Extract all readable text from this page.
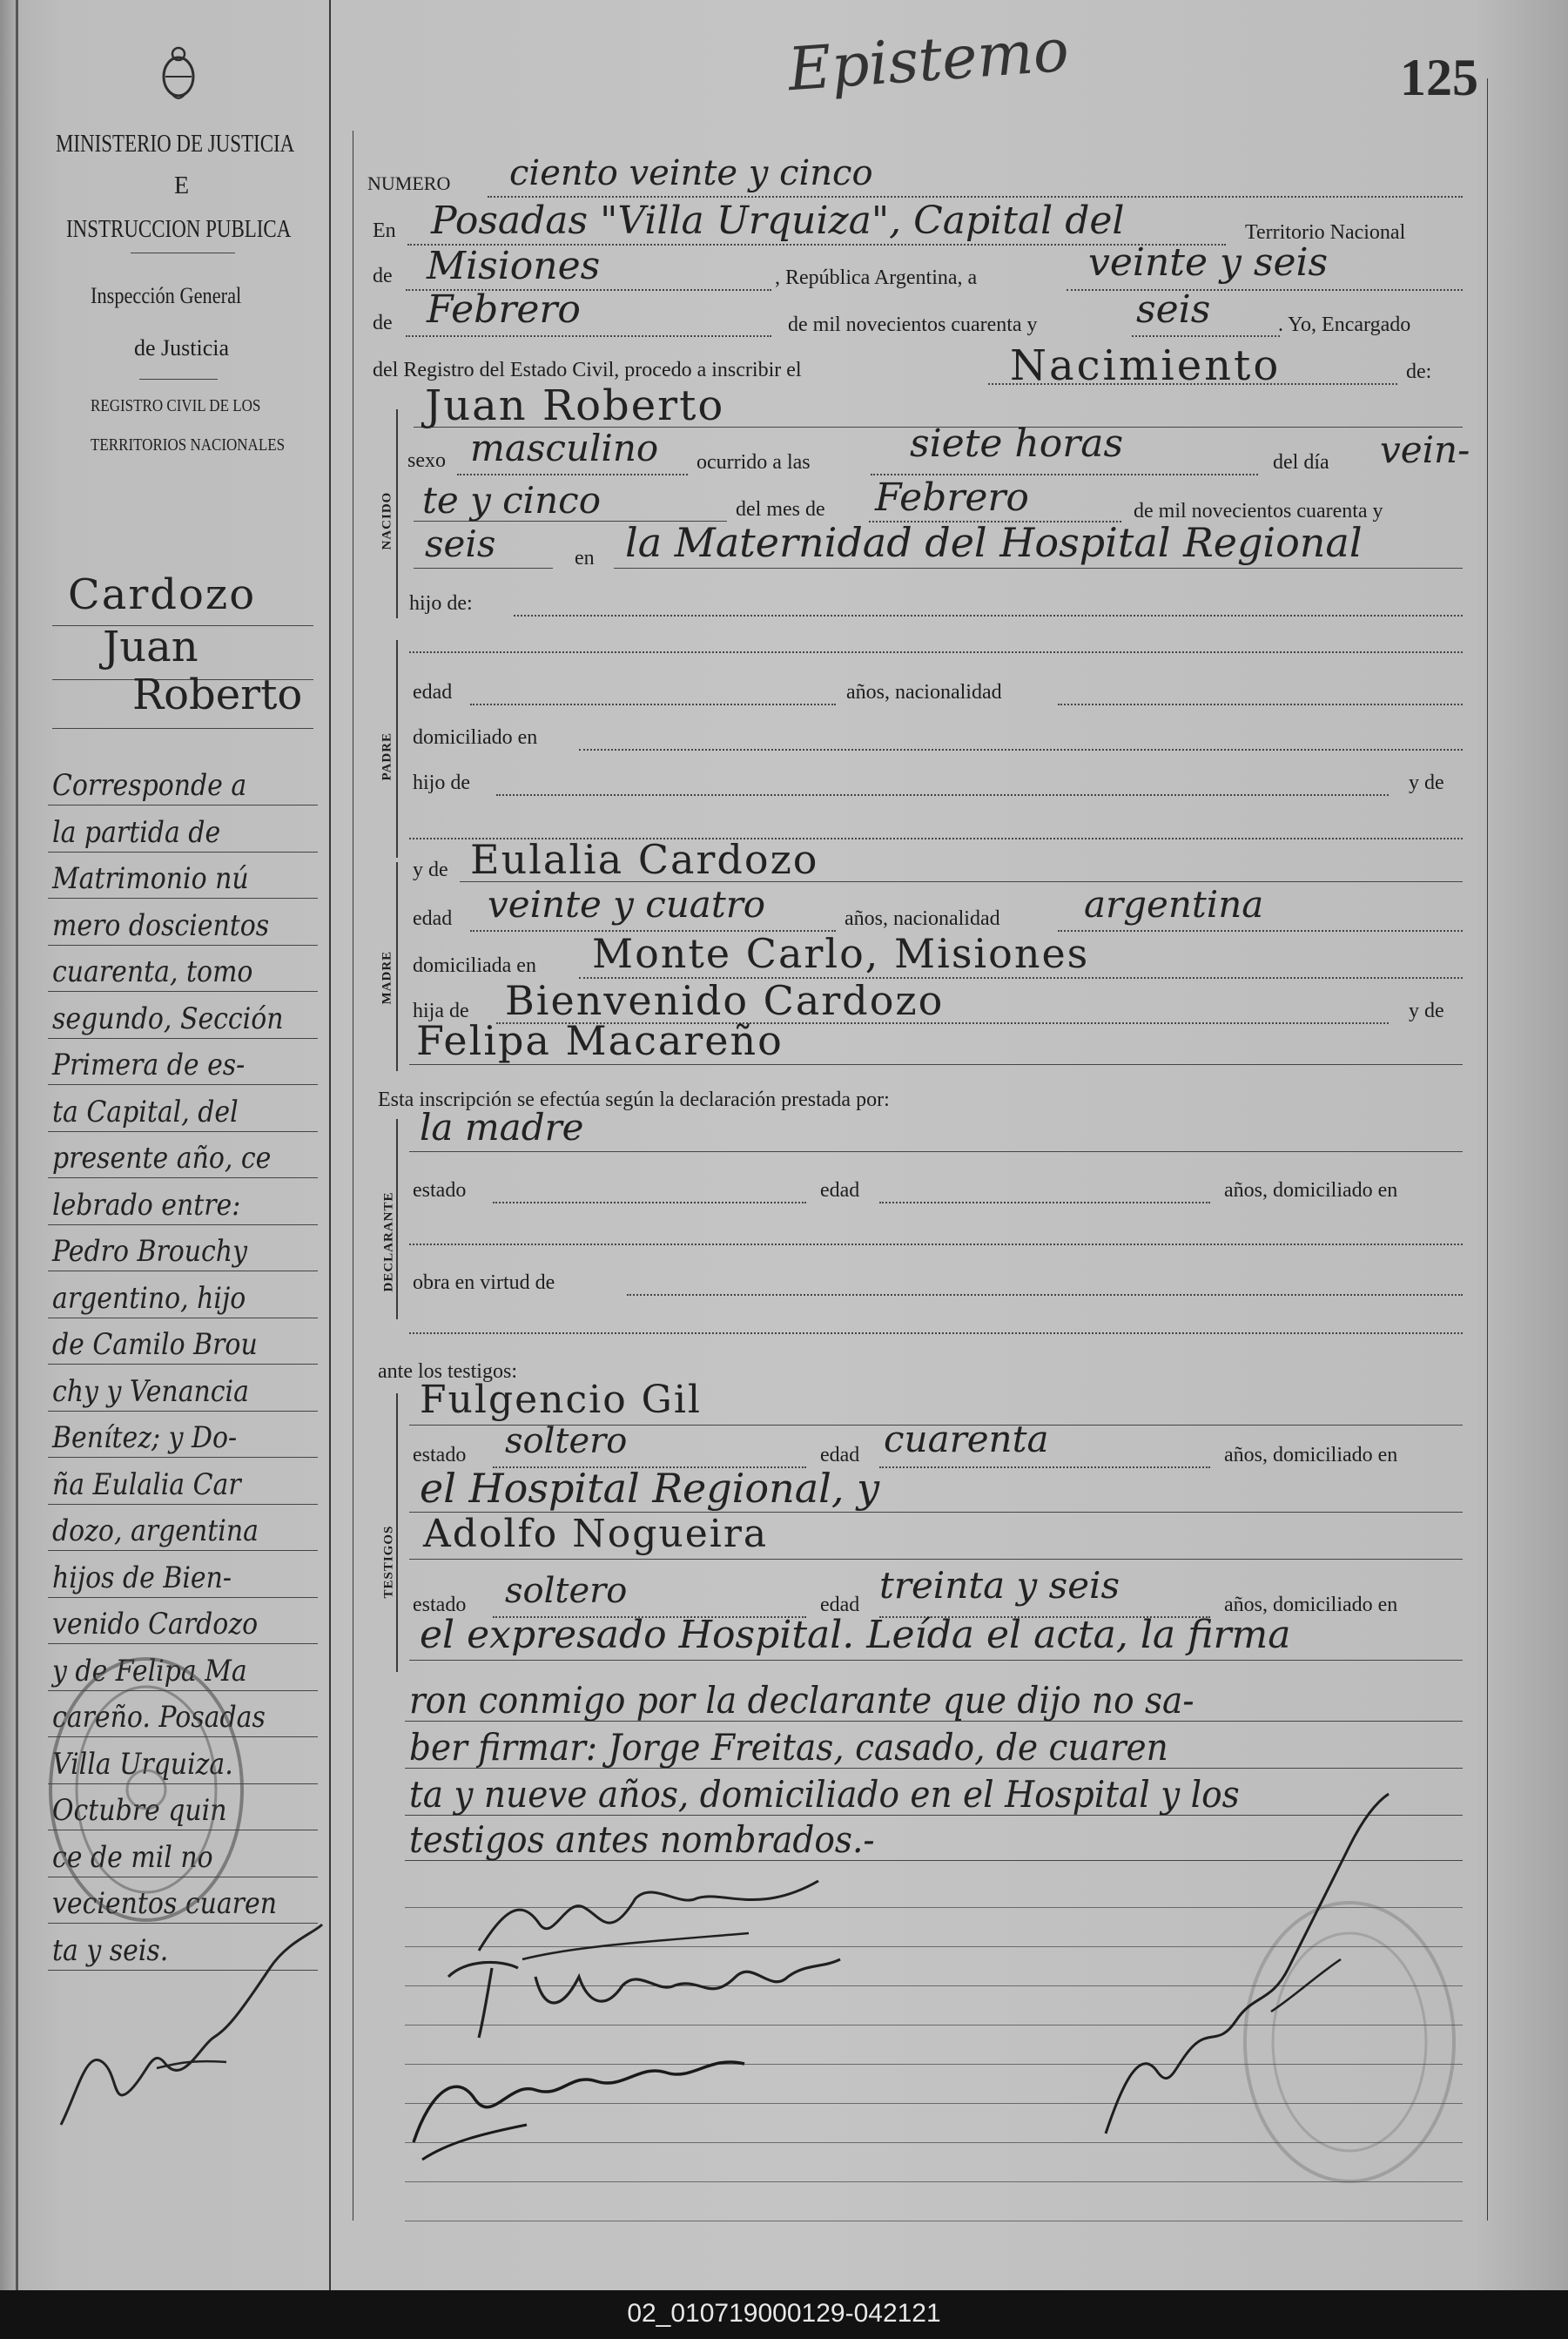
Epistemo	125
MINISTERIO DE JUSTICIA
E
INSTRUCCION PUBLICA
Inspección General
de Justicia
REGISTRO CIVIL DE LOS
TERRITORIOS NACIONALES
Cardozo
Juan
Roberto
Corresponde a
la partida de
Matrimonio nú
mero doscientos
cuarenta, tomo
segundo, Sección
Primera de es-
ta Capital, del
presente año, ce
lebrado entre:
Pedro Brouchy
argentino, hijo
de Camilo Brou
chy y Venancia
Benítez; y Do-
ña Eulalia Car
dozo, argentina
hijos de Bien-
venido Cardozo
y de Felipa Ma
careño. Posadas
Villa Urquiza.
Octubre quin
ce de mil no
vecientos cuaren
ta y seis.
NUMERO ciento veinte y cinco
En Posadas "Villa Urquiza", Capital del	Territorio Nacional
de Misiones	, República Argentina, a	veinte y seis
de Febrero	de mil novecientos cuarenta y	seis	. Yo, Encargado
del Registro del Estado Civil, procedo a inscribir el	Nacimiento	de:
Juan Roberto
NACIDO
sexo masculino ocurrido a las	siete horas	del día vein-
te y cinco	del mes de Febrero	de mil novecientos cuarenta y
seis	en la Maternidad del Hospital Regional
hijo de:
PADRE
edad	años, nacionalidad
domiciliado en
hijo de	y de
MADRE
y de Eulalia Cardozo
edad veinte y cuatro	años, nacionalidad argentina
domiciliada en Monte Carlo, Misiones
hija de Bienvenido Cardozo	y de
Felipa Macareño
Esta inscripción se efectúa según la declaración prestada por:
DECLARANTE
la madre
estado	edad	años, domiciliado en
obra en virtud de
ante los testigos:
TESTIGOS
Fulgencio Gil
estado soltero	edad cuarenta	años, domiciliado en
el Hospital Regional, y
Adolfo Nogueira
estado soltero	edad treinta y seis	años, domiciliado en
el expresado Hospital. Leída el acta, la firma
ron conmigo por la declarante que dijo no sa-
ber firmar: Jorge Freitas, casado, de cuaren
ta y nueve años, domiciliado en el Hospital y los
testigos antes nombrados.-
02_010719000129-042121
